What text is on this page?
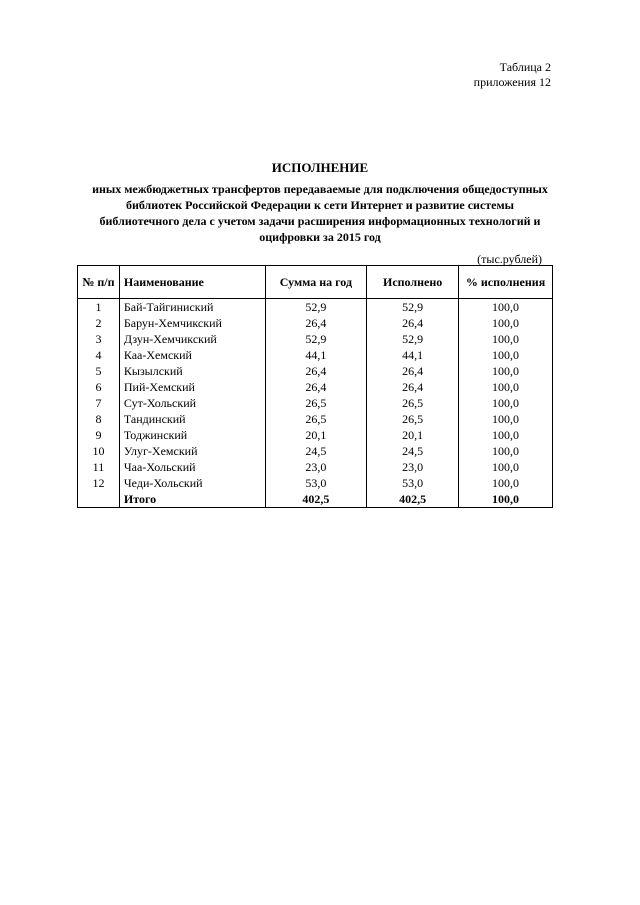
Таблица 2
приложения 12
ИСПОЛНЕНИЕ
иных межбюджетных трансфертов передаваемые для подключения общедоступных библиотек Российской Федерации к сети Интернет и развитие системы библиотечного дела с учетом задачи расширения информационных технологий и оцифровки за 2015 год
(тыс.рублей)
№ п/п	Наименование	Сумма на год	Исполнено	% исполнения
1	Бай-Тайгиниский	52,9	52,9	100,0
2	Барун-Хемчикский	26,4	26,4	100,0
3	Дзун-Хемчикский	52,9	52,9	100,0
4	Каа-Хемский	44,1	44,1	100,0
5	Кызылский	26,4	26,4	100,0
6	Пий-Хемский	26,4	26,4	100,0
7	Сут-Хольский	26,5	26,5	100,0
8	Тандинский	26,5	26,5	100,0
9	Тоджинский	20,1	20,1	100,0
10	Улуг-Хемский	24,5	24,5	100,0
11	Чаа-Хольский	23,0	23,0	100,0
12	Чеди-Хольский	53,0	53,0	100,0
	Итого	402,5	402,5	100,0
